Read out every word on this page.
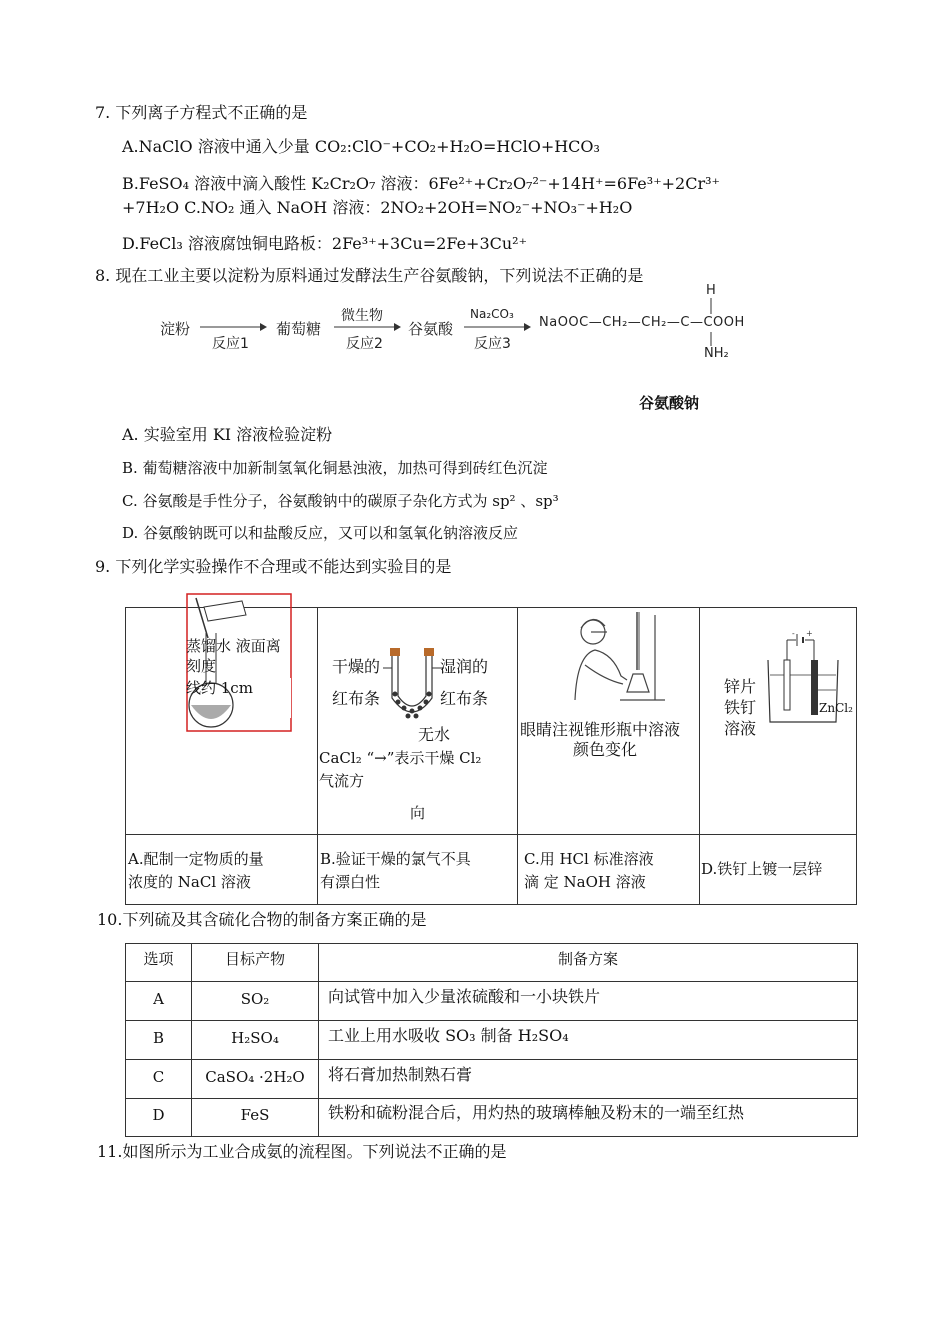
7. 下列离子方程式不正确的是
A.NaClO 溶液中通入少量 CO₂:ClO⁻+CO₂+H₂O=HClO+HCO₃
B.FeSO₄ 溶液中滴入酸性 K₂Cr₂O₇ 溶液：6Fe²⁺+Cr₂O₇²⁻+14H⁺=6Fe³⁺+2Cr³⁺
+7H₂O C.NO₂ 通入 NaOH 溶液：2NO₂+2OH=NO₂⁻+NO₃⁻+H₂O
D.FeCl₃ 溶液腐蚀铜电路板：2Fe³⁺+3Cu=2Fe+3Cu²⁺
8. 现在工业主要以淀粉为原料通过发酵法生产谷氨酸钠，下列说法不正确的是
淀粉
反应1
葡萄糖
微生物
反应2
谷氨酸
Na₂CO₃
反应3
H
NaOOC—CH₂—CH₂—C—COOH
NH₂
谷氨酸钠
A. 实验室用 KI 溶液检验淀粉
B. 葡萄糖溶液中加新制氢氧化铜悬浊液，加热可得到砖红色沉淀
C. 谷氨酸是手性分子，谷氨酸钠中的碳原子杂化方式为 sp² 、sp³
D. 谷氨酸钠既可以和盐酸反应，又可以和氢氧化钠溶液反应
9. 下列化学实验操作不合理或不能达到实验目的是
蒸馏水 液面离
刻度
线约 1cm
干燥的	湿润的
红布条	红布条
无水
CaCl₂ “→”表示干燥 Cl₂
气流方
向
眼睛注视锥形瓶中溶液
颜色变化
- +
锌片
铁钉
溶液
ZnCl₂
A.配制一定物质的量
浓度的 NaCl 溶液
B.验证干燥的氯气不具
有漂白性
C.用 HCl 标准溶液
滴 定 NaOH 溶液
D.铁钉上镀一层锌
10.下列硫及其含硫化合物的制备方案正确的是
选项	目标产物	制备方案
A	SO₂	向试管中加入少量浓硫酸和一小块铁片
B	H₂SO₄	工业上用水吸收 SO₃ 制备 H₂SO₄
C	CaSO₄ ·2H₂O	将石膏加热制熟石膏
D	FeS	铁粉和硫粉混合后，用灼热的玻璃棒触及粉末的一端至红热
11.如图所示为工业合成氨的流程图。下列说法不正确的是
